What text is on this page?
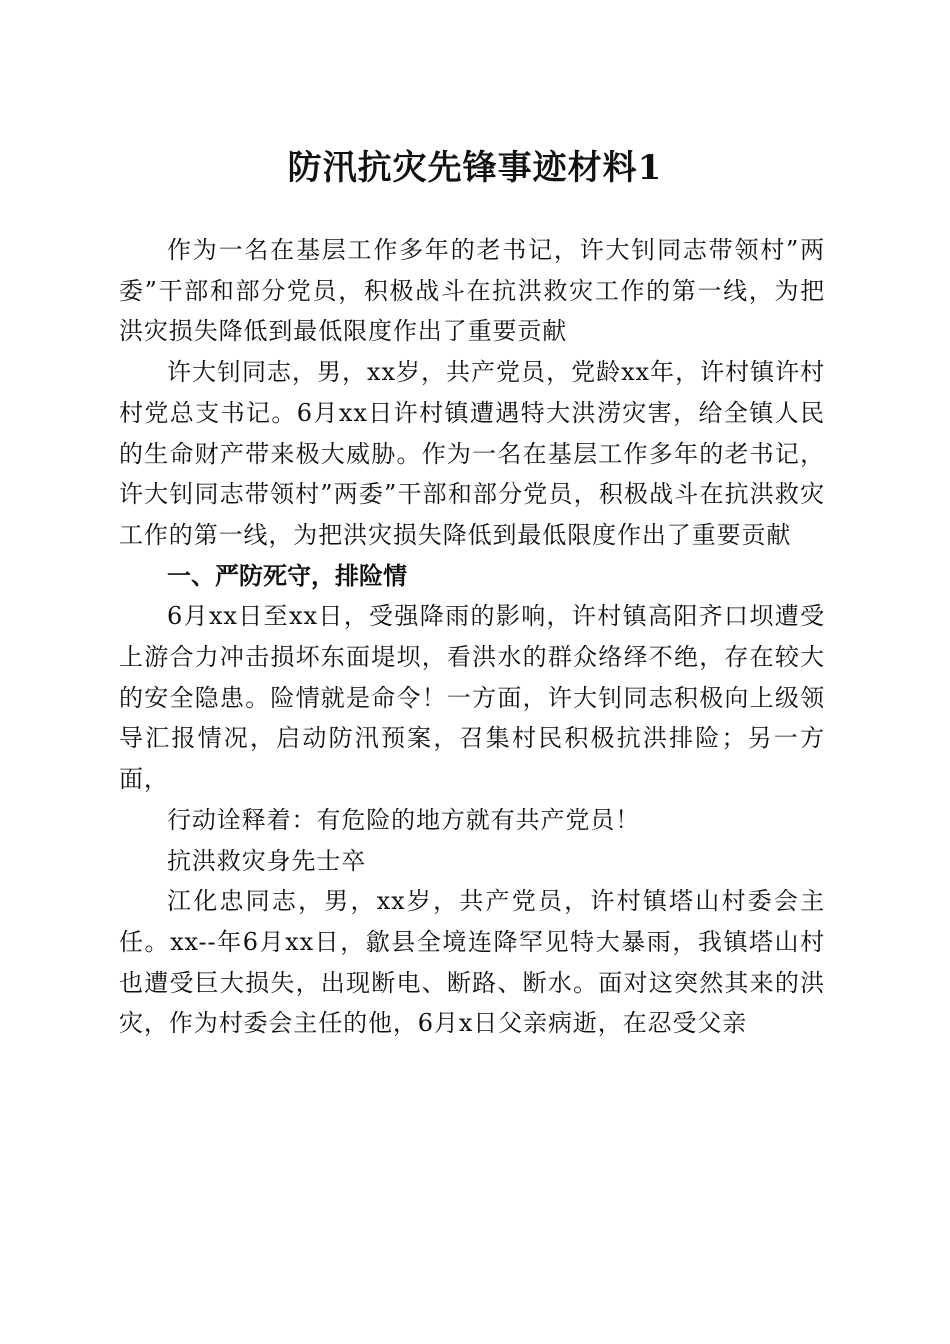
防汛抗灾先锋事迹材料1

作为一名在基层工作多年的老书记，许大钊同志带领村”两委”干部和部分党员，积极战斗在抗洪救灾工作的第一线，为把洪灾损失降低到最低限度作出了重要贡献

许大钊同志，男，xx岁，共产党员，党龄xx年，许村镇许村村党总支书记。6月xx日许村镇遭遇特大洪涝灾害，给全镇人民的生命财产带来极大威胁。作为一名在基层工作多年的老书记，许大钊同志带领村”两委”干部和部分党员，积极战斗在抗洪救灾工作的第一线，为把洪灾损失降低到最低限度作出了重要贡献

一、严防死守，排险情

6月xx日至xx日，受强降雨的影响，许村镇高阳齐口坝遭受上游合力冲击损坏东面堤坝，看洪水的群众络绎不绝，存在较大的安全隐患。险情就是命令！一方面，许大钊同志积极向上级领导汇报情况，启动防汛预案，召集村民积极抗洪排险；另一方面，

行动诠释着：有危险的地方就有共产党员！

抗洪救灾身先士卒

江化忠同志，男，xx岁，共产党员，许村镇塔山村委会主任。xx--年6月xx日，歙县全境连降罕见特大暴雨，我镇塔山村也遭受巨大损失，出现断电、断路、断水。面对这突然其来的洪灾，作为村委会主任的他，6月x日父亲病逝，在忍受父亲
